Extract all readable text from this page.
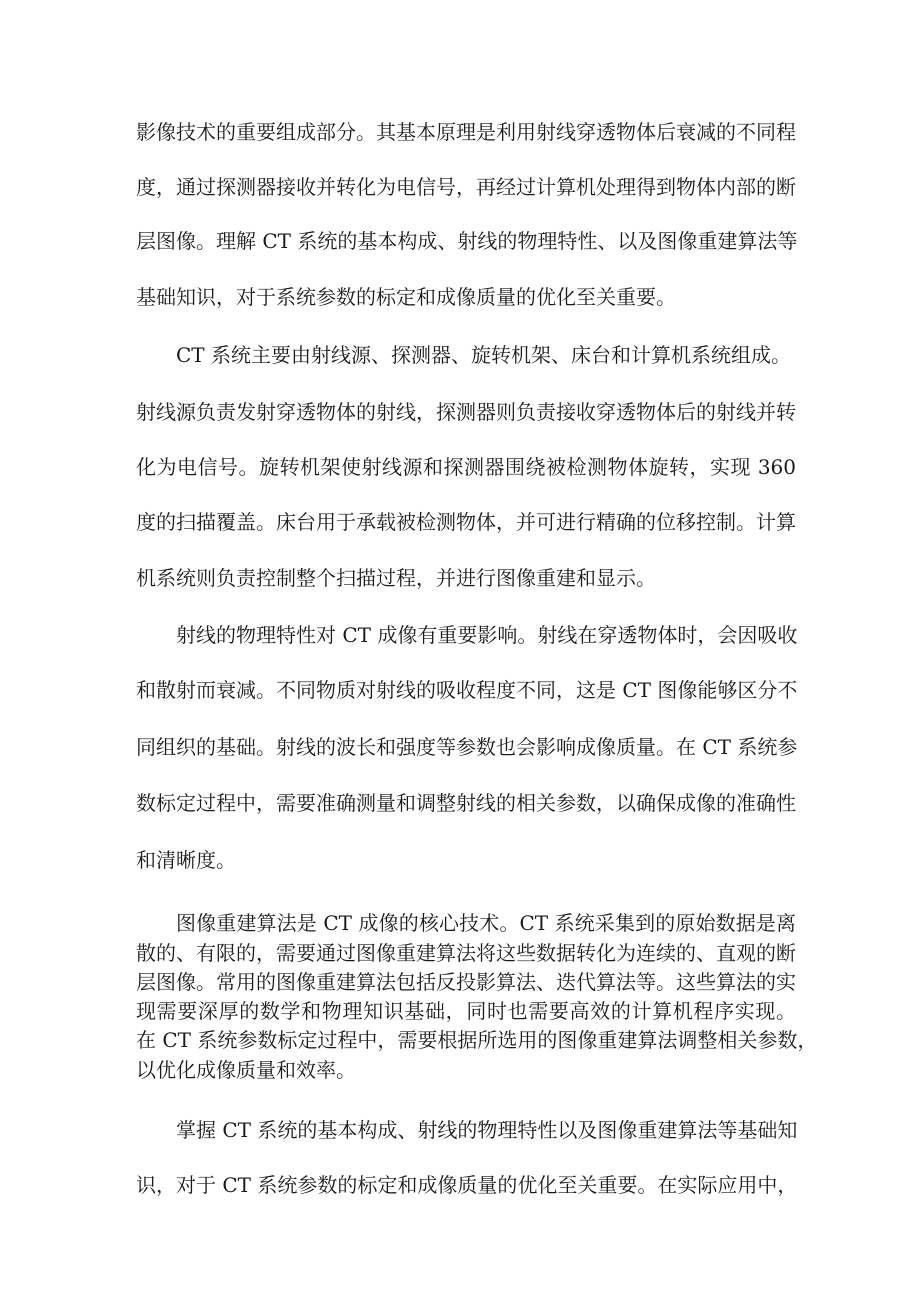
影像技术的重要组成部分。其基本原理是利用射线穿透物体后衰减的不同程
度，通过探测器接收并转化为电信号，再经过计算机处理得到物体内部的断
层图像。理解 CT 系统的基本构成、射线的物理特性、以及图像重建算法等
基础知识，对于系统参数的标定和成像质量的优化至关重要。
CT 系统主要由射线源、探测器、旋转机架、床台和计算机系统组成。
射线源负责发射穿透物体的射线，探测器则负责接收穿透物体后的射线并转
化为电信号。旋转机架使射线源和探测器围绕被检测物体旋转，实现 360
度的扫描覆盖。床台用于承载被检测物体，并可进行精确的位移控制。计算
机系统则负责控制整个扫描过程，并进行图像重建和显示。
射线的物理特性对 CT 成像有重要影响。射线在穿透物体时，会因吸收
和散射而衰减。不同物质对射线的吸收程度不同，这是 CT 图像能够区分不
同组织的基础。射线的波长和强度等参数也会影响成像质量。在 CT 系统参
数标定过程中，需要准确测量和调整射线的相关参数，以确保成像的准确性
和清晰度。
图像重建算法是 CT 成像的核心技术。CT 系统采集到的原始数据是离
散的、有限的，需要通过图像重建算法将这些数据转化为连续的、直观的断
层图像。常用的图像重建算法包括反投影算法、迭代算法等。这些算法的实
现需要深厚的数学和物理知识基础，同时也需要高效的计算机程序实现。
在 CT 系统参数标定过程中，需要根据所选用的图像重建算法调整相关参数，
以优化成像质量和效率。
掌握 CT 系统的基本构成、射线的物理特性以及图像重建算法等基础知
识，对于 CT 系统参数的标定和成像质量的优化至关重要。在实际应用中，
